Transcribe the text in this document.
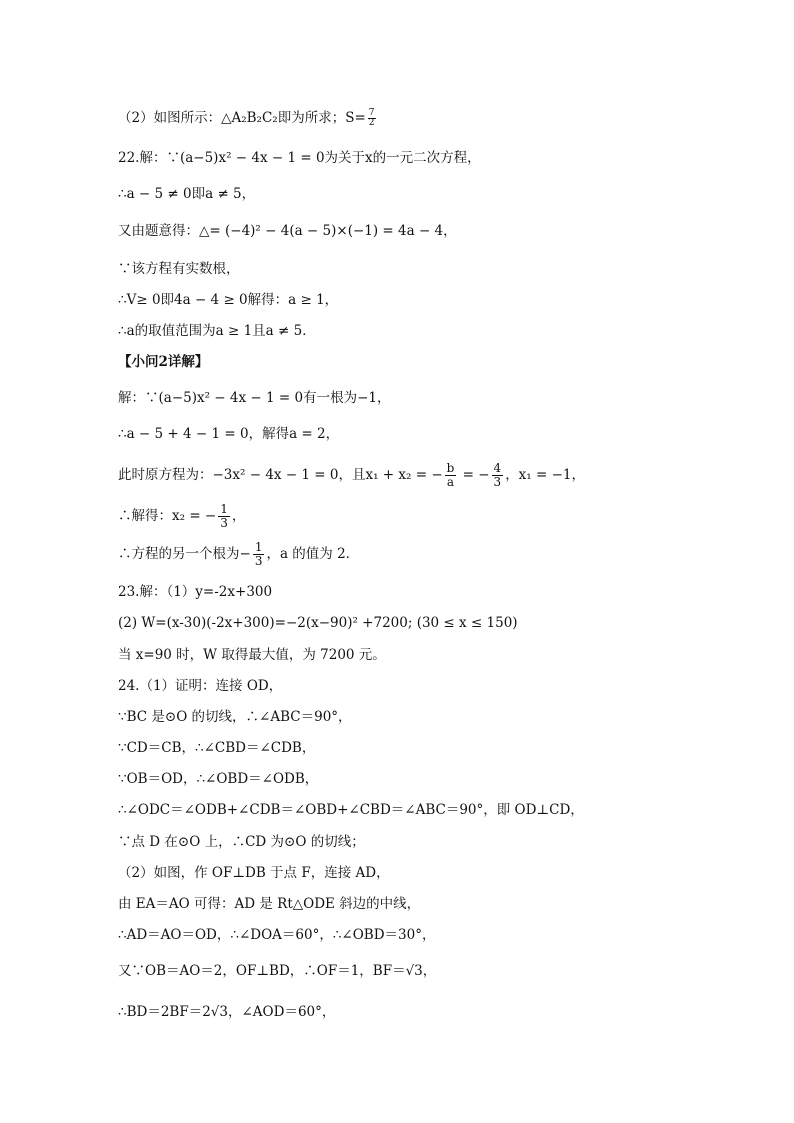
（2）如图所示：△A₂B₂C₂即为所求；$S= \frac{7}{2}$
22.解：∵(a−5)x² − 4x − 1 = 0为关于x的一元二次方程，
∴a − 5 ≠ 0即a ≠ 5，
又由题意得：△= (−4)² − 4(a − 5)×(−1) = 4a − 4，
∵该方程有实数根，
∴V≥ 0即4a − 4 ≥ 0解得：a ≥ 1，
∴a的取值范围为a ≥ 1且a ≠ 5．
【小问2详解】
解：∵(a−5)x² − 4x − 1 = 0有一根为−1，
∴a − 5 + 4 − 1 = 0，解得a = 2，
此时原方程为：−3x² − 4x − 1 = 0，且x₁ + x₂ = − $\frac{b}{a}$ = − $\frac{4}{3}$ ，x₁ = −1，
∴解得：x₂ = − $\frac{1}{3}$ ，
∴方程的另一个根为− $\frac{1}{3}$ ，a 的值为 2．
23.解：（1）y=-2x+300
(2) W=(x-30)(-2x+300)=−2(x−90)² +7200; (30 ≤ x ≤ 150)
当 x=90 时，W 取得最大值，为 7200 元。
24.（1）证明：连接 OD，
∵BC 是⊙O 的切线，∴∠ABC＝90°，
∵CD＝CB，∴∠CBD＝∠CDB，
∵OB＝OD，∴∠OBD＝∠ODB，
∴∠ODC＝∠ODB+∠CDB＝∠OBD+∠CBD＝∠ABC＝90°，即 OD⊥CD，
∵点 D 在⊙O 上，∴CD 为⊙O 的切线；
（2）如图，作 OF⊥DB 于点 F，连接 AD，
由 EA＝AO 可得：AD 是 Rt△ODE 斜边的中线，
∴AD＝AO＝OD，∴∠DOA＝60°，∴∠OBD＝30°，
又∵OB＝AO＝2，OF⊥BD，∴OF＝1，BF＝√3，
∴BD＝2BF＝2√3，∠AOD＝60°，
